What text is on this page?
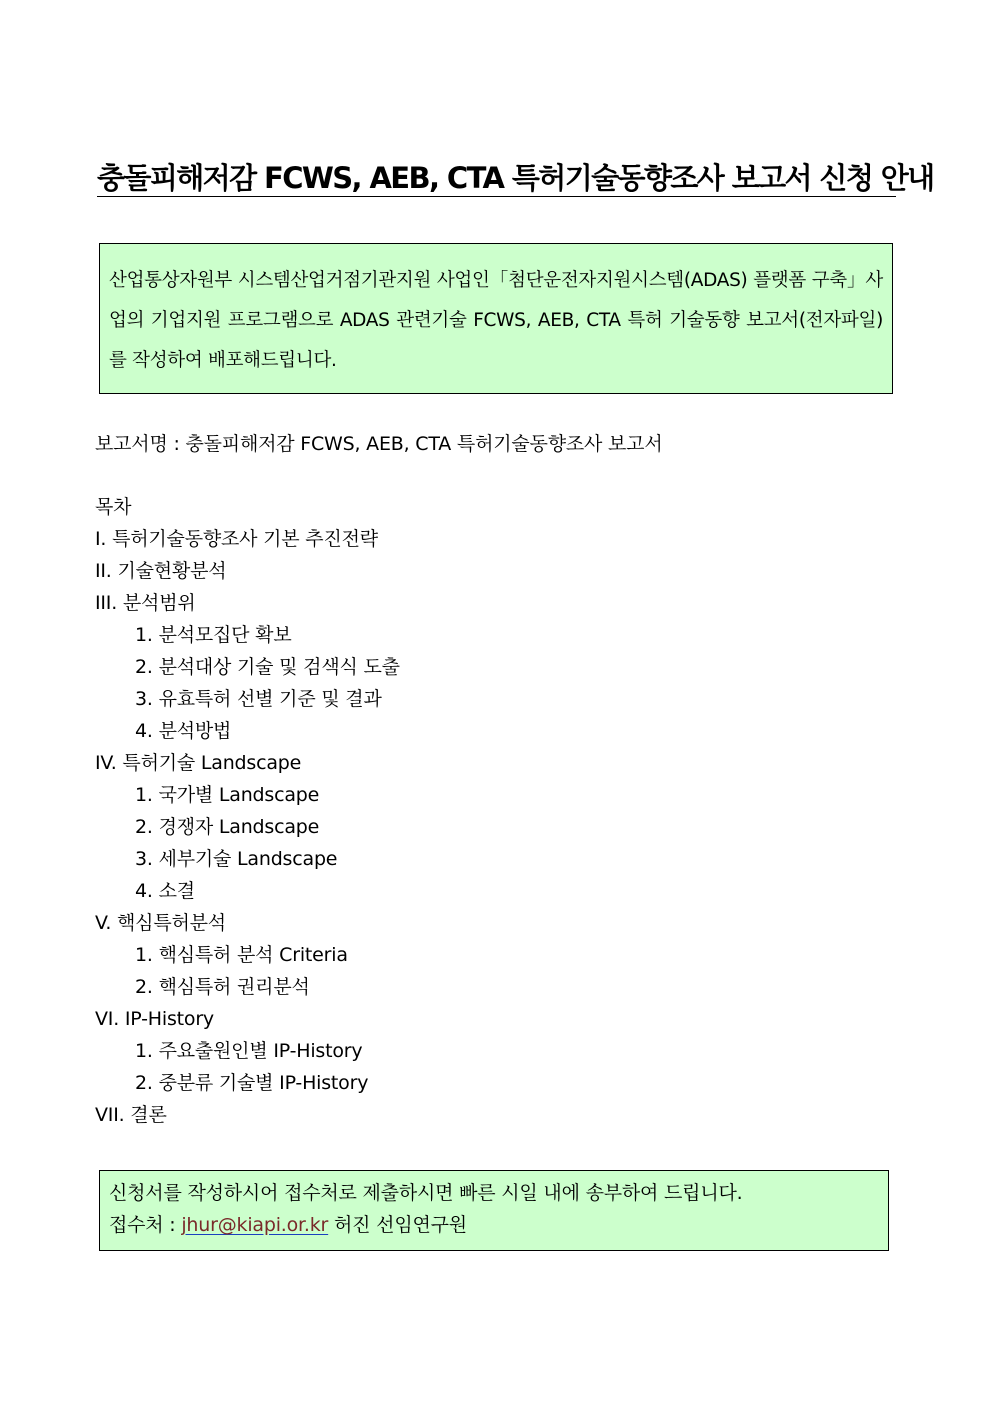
충돌피해저감 FCWS, AEB, CTA 특허기술동향조사 보고서 신청 안내

산업통상자원부 시스템산업거점기관지원 사업인「첨단운전자지원시스템(ADAS) 플랫폼 구축」사업의 기업지원 프로그램으로 ADAS 관련기술 FCWS, AEB, CTA 특허 기술동향 보고서(전자파일)를 작성하여 배포해드립니다.

보고서명 : 충돌피해저감 FCWS, AEB, CTA 특허기술동향조사 보고서
목차
I. 특허기술동향조사 기본 추진전략
II. 기술현황분석
III. 분석범위
1. 분석모집단 확보
2. 분석대상 기술 및 검색식 도출
3. 유효특허 선별 기준 및 결과
4. 분석방법
IV. 특허기술 Landscape
1. 국가별 Landscape
2. 경쟁자 Landscape
3. 세부기술 Landscape
4. 소결
V. 핵심특허분석
1. 핵심특허 분석 Criteria
2. 핵심특허 권리분석
VI. IP-History
1. 주요출원인별 IP-History
2. 중분류 기술별 IP-History
VII. 결론
신청서를 작성하시어 접수처로 제출하시면 빠른 시일 내에 송부하여 드립니다.
접수처 : jhur@kiapi.or.kr 허진 선임연구원
